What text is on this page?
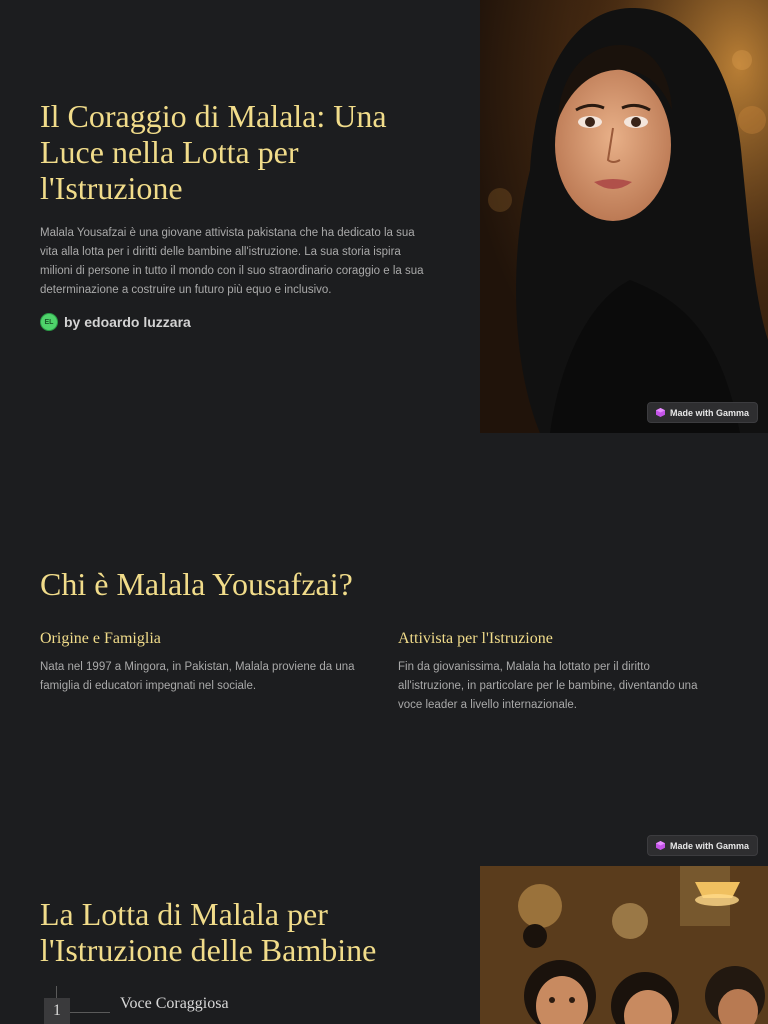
Il Coraggio di Malala: Una Luce nella Lotta per l'Istruzione

Malala Yousafzai è una giovane attivista pakistana che ha dedicato la sua vita alla lotta per i diritti delle bambine all'istruzione. La sua storia ispira milioni di persone in tutto il mondo con il suo straordinario coraggio e la sua determinazione a costruire un futuro più equo e inclusivo.

EL by edoardo luzzara
Made with Gamma
Chi è Malala Yousafzai?
Origine e Famiglia

Nata nel 1997 a Mingora, in Pakistan, Malala proviene da una famiglia di educatori impegnati nel sociale.

Attivista per l'Istruzione

Fin da giovanissima, Malala ha lottato per il diritto all'istruzione, in particolare per le bambine, diventando una voce leader a livello internazionale.

Made with Gamma
La Lotta di Malala per l'Istruzione delle Bambine
1	Voce Coraggiosa
